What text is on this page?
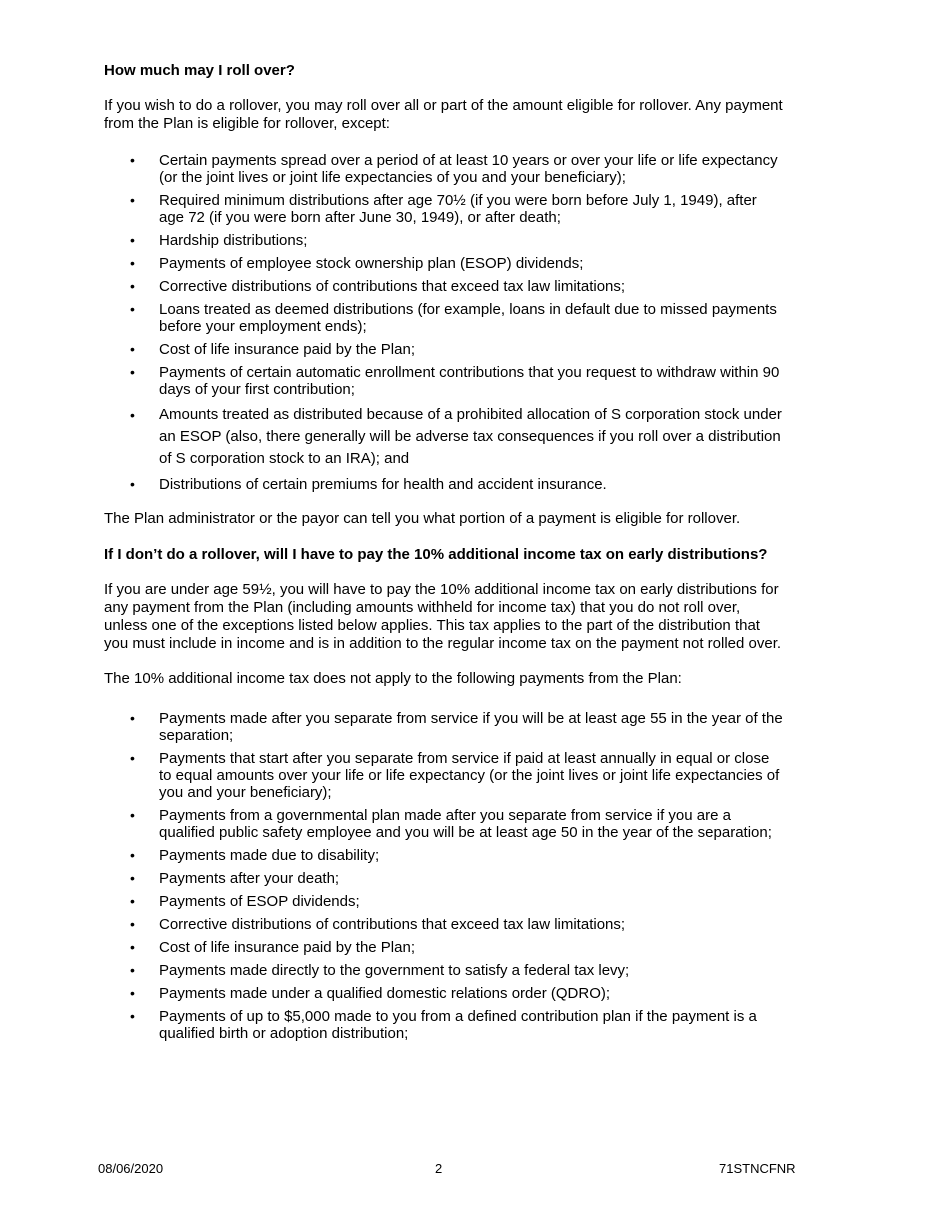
How much may I roll over?

If you wish to do a rollover, you may roll over all or part of the amount eligible for rollover. Any payment from the Plan is eligible for rollover, except:

• Certain payments spread over a period of at least 10 years or over your life or life expectancy (or the joint lives or joint life expectancies of you and your beneficiary);
• Required minimum distributions after age 70½ (if you were born before July 1, 1949), after age 72 (if you were born after June 30, 1949), or after death;
• Hardship distributions;
• Payments of employee stock ownership plan (ESOP) dividends;
• Corrective distributions of contributions that exceed tax law limitations;
• Loans treated as deemed distributions (for example, loans in default due to missed payments before your employment ends);
• Cost of life insurance paid by the Plan;
• Payments of certain automatic enrollment contributions that you request to withdraw within 90 days of your first contribution;
• Amounts treated as distributed because of a prohibited allocation of S corporation stock under an ESOP (also, there generally will be adverse tax consequences if you roll over a distribution of S corporation stock to an IRA); and
• Distributions of certain premiums for health and accident insurance.

The Plan administrator or the payor can tell you what portion of a payment is eligible for rollover.

If I don’t do a rollover, will I have to pay the 10% additional income tax on early distributions?

If you are under age 59½, you will have to pay the 10% additional income tax on early distributions for any payment from the Plan (including amounts withheld for income tax) that you do not roll over, unless one of the exceptions listed below applies. This tax applies to the part of the distribution that you must include in income and is in addition to the regular income tax on the payment not rolled over.

The 10% additional income tax does not apply to the following payments from the Plan:

• Payments made after you separate from service if you will be at least age 55 in the year of the separation;
• Payments that start after you separate from service if paid at least annually in equal or close to equal amounts over your life or life expectancy (or the joint lives or joint life expectancies of you and your beneficiary);
• Payments from a governmental plan made after you separate from service if you are a qualified public safety employee and you will be at least age 50 in the year of the separation;
• Payments made due to disability;
• Payments after your death;
• Payments of ESOP dividends;
• Corrective distributions of contributions that exceed tax law limitations;
• Cost of life insurance paid by the Plan;
• Payments made directly to the government to satisfy a federal tax levy;
• Payments made under a qualified domestic relations order (QDRO);
• Payments of up to $5,000 made to you from a defined contribution plan if the payment is a qualified birth or adoption distribution;
08/06/2020	2	71STNCFNR
